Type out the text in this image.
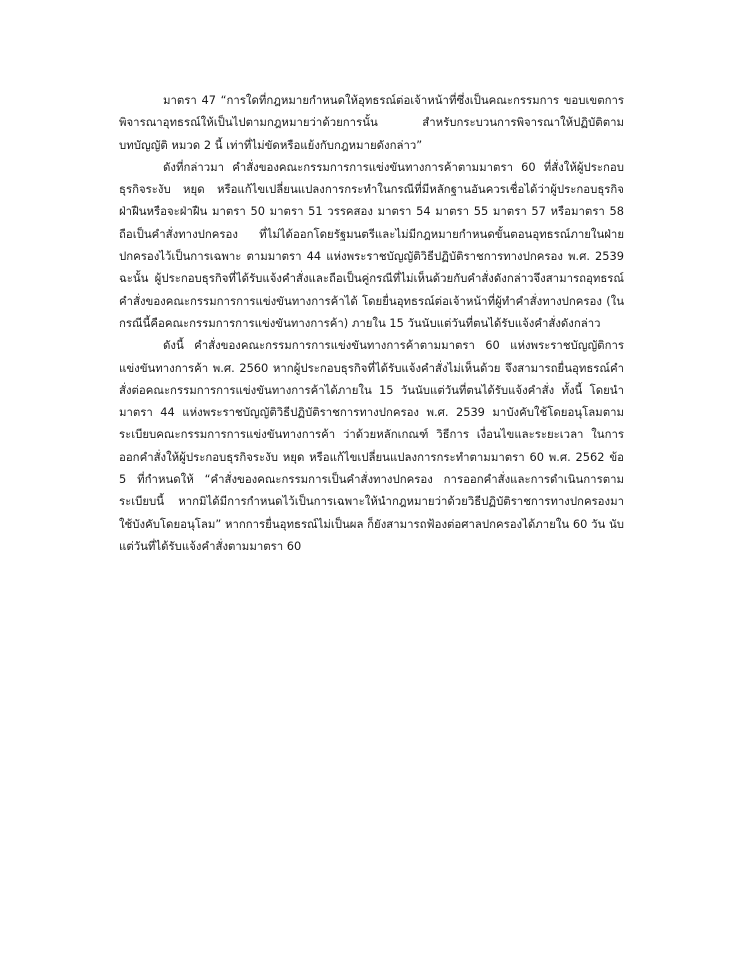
มาตรา 47 “การใดที่กฎหมายกำหนดให้อุทธรณ์ต่อเจ้าหน้าที่ซึ่งเป็นคณะกรรมการ ขอบเขตการพิจารณาอุทธรณ์ให้เป็นไปตามกฎหมายว่าด้วยการนั้น สำหรับกระบวนการพิจารณาให้ปฏิบัติตามบทบัญญัติ หมวด 2 นี้ เท่าที่ไม่ขัดหรือแย้งกับกฎหมายดังกล่าว”

ดังที่กล่าวมา คำสั่งของคณะกรรมการการแข่งขันทางการค้าตามมาตรา 60 ที่สั่งให้ผู้ประกอบธุรกิจระงับ หยุด หรือแก้ไขเปลี่ยนแปลงการกระทำในกรณีที่มีหลักฐานอันควรเชื่อได้ว่าผู้ประกอบธุรกิจฝ่าฝืนหรือจะฝ่าฝืน มาตรา 50 มาตรา 51 วรรคสอง มาตรา 54 มาตรา 55 มาตรา 57 หรือมาตรา 58 ถือเป็นคำสั่งทางปกครอง ที่ไม่ได้ออกโดยรัฐมนตรีและไม่มีกฎหมายกำหนดขั้นตอนอุทธรณ์ภายในฝ่ายปกครองไว้เป็นการเฉพาะ ตามมาตรา 44 แห่งพระราชบัญญัติวิธีปฏิบัติราชการทางปกครอง พ.ศ. 2539 ฉะนั้น ผู้ประกอบธุรกิจที่ได้รับแจ้งคำสั่งและถือเป็นคู่กรณีที่ไม่เห็นด้วยกับคำสั่งดังกล่าวจึงสามารถอุทธรณ์คำสั่งของคณะกรรมการการแข่งขันทางการค้าได้ โดยยื่นอุทธรณ์ต่อเจ้าหน้าที่ผู้ทำคำสั่งทางปกครอง (ในกรณีนี้คือคณะกรรมการการแข่งขันทางการค้า) ภายใน 15 วันนับแต่วันที่ตนได้รับแจ้งคำสั่งดังกล่าว

ดังนี้ คำสั่งของคณะกรรมการการแข่งขันทางการค้าตามมาตรา 60 แห่งพระราชบัญญัติการแข่งขันทางการค้า พ.ศ. 2560 หากผู้ประกอบธุรกิจที่ได้รับแจ้งคำสั่งไม่เห็นด้วย จึงสามารถยื่นอุทธรณ์คำสั่งต่อคณะกรรมการการแข่งขันทางการค้าได้ภายใน 15 วันนับแต่วันที่ตนได้รับแจ้งคำสั่ง ทั้งนี้ โดยนำมาตรา 44 แห่งพระราชบัญญัติวิธีปฏิบัติราชการทางปกครอง พ.ศ. 2539 มาบังคับใช้โดยอนุโลมตามระเบียบคณะกรรมการการแข่งขันทางการค้า ว่าด้วยหลักเกณฑ์ วิธีการ เงื่อนไขและระยะเวลา ในการออกคำสั่งให้ผู้ประกอบธุรกิจระงับ หยุด หรือแก้ไขเปลี่ยนแปลงการกระทำตามมาตรา 60 พ.ศ. 2562 ข้อ 5 ที่กำหนดให้ “คำสั่งของคณะกรรมการเป็นคำสั่งทางปกครอง การออกคำสั่งและการดำเนินการตามระเบียบนี้ หากมิได้มีการกำหนดไว้เป็นการเฉพาะให้นำกฎหมายว่าด้วยวิธีปฏิบัติราชการทางปกครองมาใช้บังคับโดยอนุโลม” หากการยื่นอุทธรณ์ไม่เป็นผล ก็ยังสามารถฟ้องต่อศาลปกครองได้ภายใน 60 วัน นับแต่วันที่ได้รับแจ้งคำสั่งตามมาตรา 60
